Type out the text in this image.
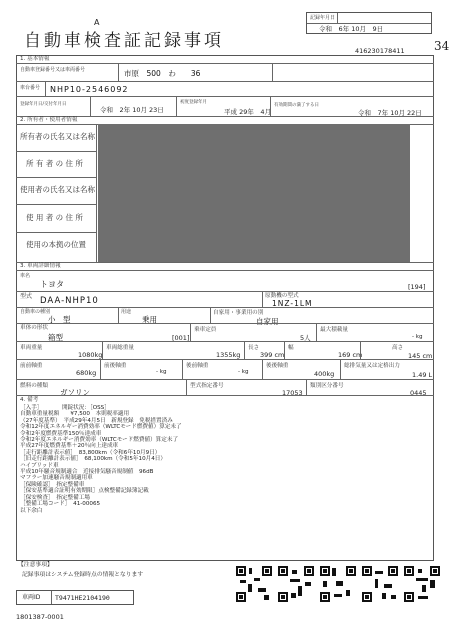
A
自動車検査証記録事項
記録年月日
令和　6年 10月　9日
34
416230178411
1. 基本情報
自動車登録番号又は車両番号	市原　500　わ　　36
車台番号 NHP10-2546092
登録年月日/交付年月日
令和　2年 10月 23日
初度登録年月
平成 29年　4月
有効期間の満了する日
令和　7年 10月 22日
2. 所有者・使用者情報
所有者の氏名又は名称
所 有 者 の 住 所
使用者の氏名又は名称
使 用 者 の 住 所
使用の本拠の位置
3. 車両詳細情報
車名
トヨタ	[194]
型式 DAA-NHP10	原動機の型式
1NZ-1LM
自動車の種別
小　型
用途
乗用
自家用・事業用の別
自家用
車体の形状
箱型	[001]
乗車定員
5人
最大積載量
- kg
車両重量
1080kg
車両総重量
1355kg
長さ
399 cm
幅
169 cm
高さ
145 cm
前前軸重
680kg
前後軸重
- kg
後前軸重
- kg
後後軸重
400kg
総排気量又は定格出力
1.49 L
燃料の種類
ガソリン
型式指定番号
17053
類別区分番号
0445
4. 備考
［入手］　　　　開錠状況：［OSS］
自動車重量税額　　¥7,500　本則税率適用
（27年度基準）　平成29年4月5日　新規登録　免税措置済み
令和12年度エネルギー消費効率（WLTCモード燃費値）算定未了
令和2年度燃費基準150％達成車
令和2年度エネルギー消費効率（WLTCモード燃費値）算定未了
平成27年度燃費基準＋20％向上達成車
［走行距離計表示値］　83,800km（令和6年10月9日）
［旧走行距離計表示値］　68,100km（令和5年10月4日）
ハイブリッド車
平成10年騒音規制適合　近接排気騒音規制値　96dB
マフラー加速騒音規制適用車
［保険確認］　指定整備車
［保安基準適合証明有効期限］点検整備記録簿記載
［保安検査］　指定整備工場
［整備工場コード］　41-00065
以下余白
【注意事項】
記録事項はシステム登録時点の情報となります
車両ID T9471HE2104190
1801387-0001
